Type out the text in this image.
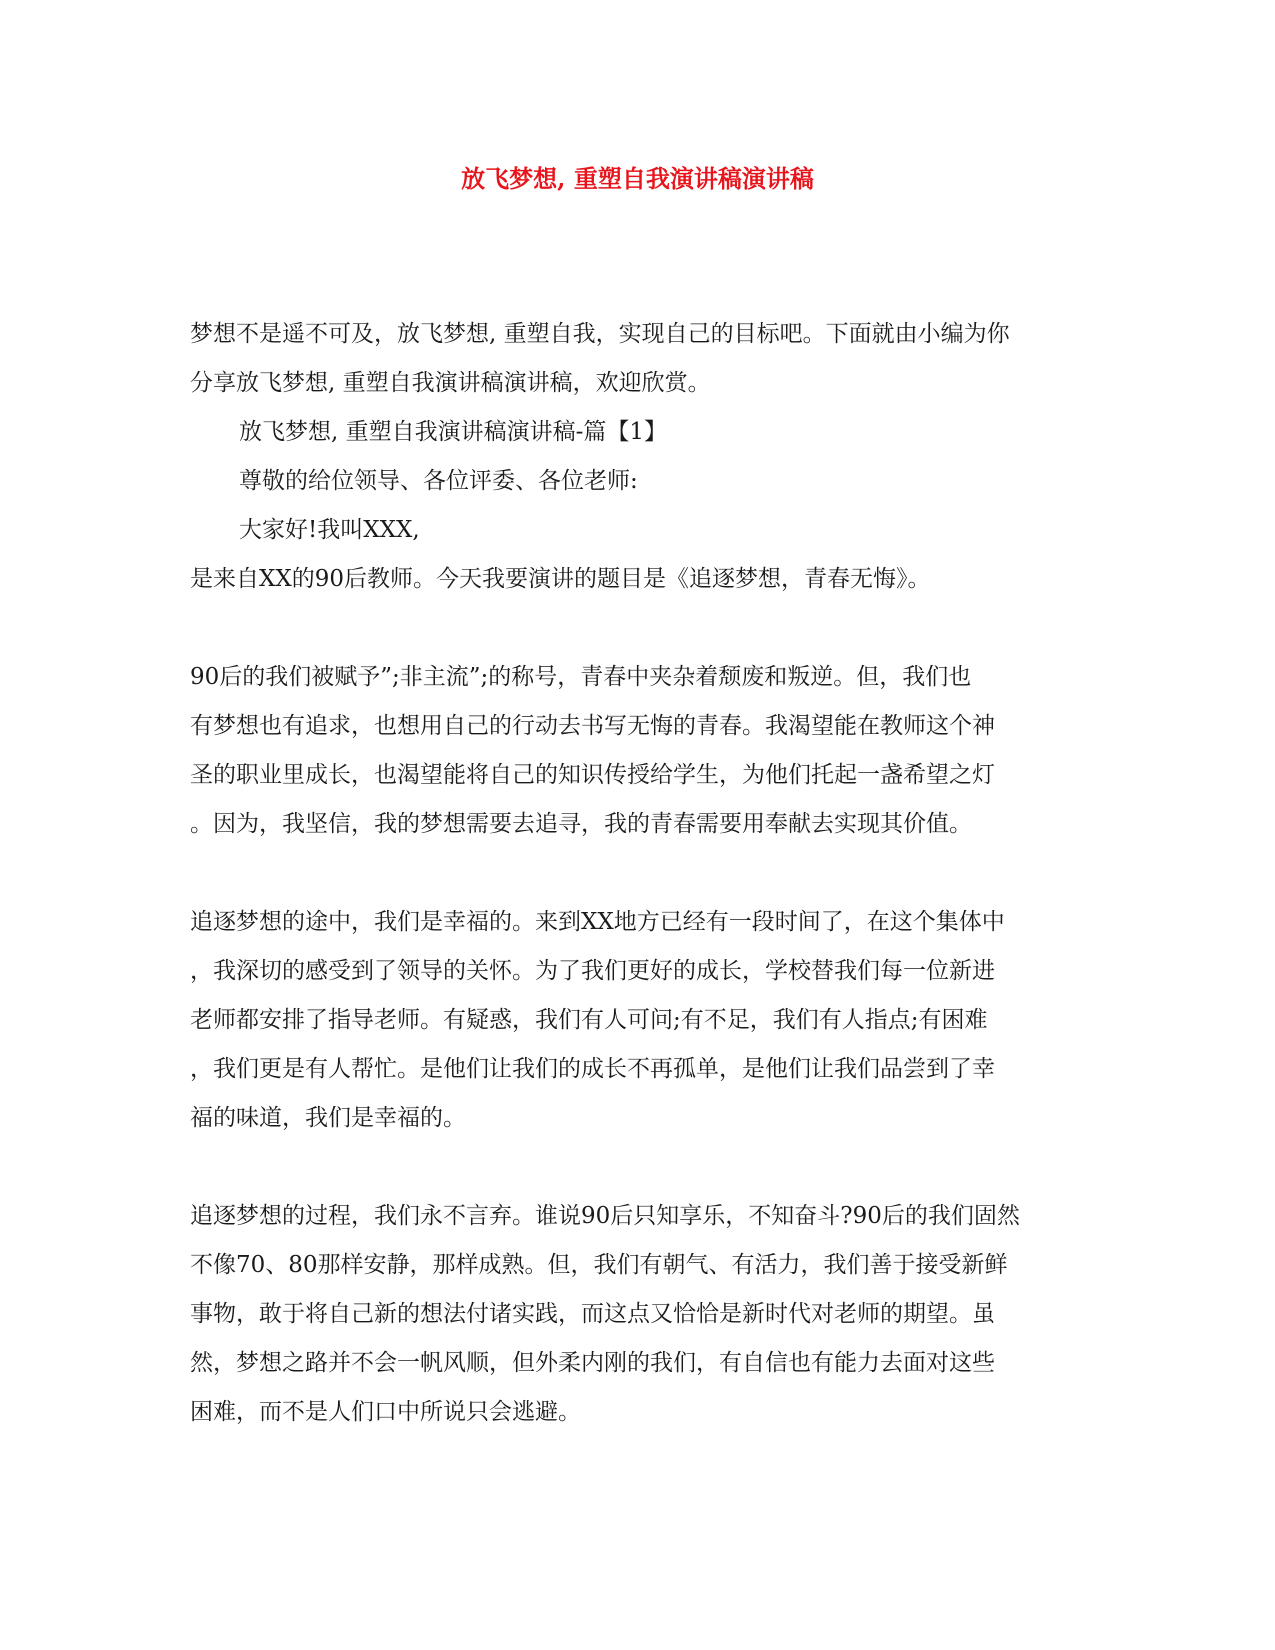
放飞梦想, 重塑自我演讲稿演讲稿
梦想不是遥不可及，放飞梦想, 重塑自我，实现自己的目标吧。下面就由小编为你
分享放飞梦想, 重塑自我演讲稿演讲稿，欢迎欣赏。
放飞梦想, 重塑自我演讲稿演讲稿-篇【1】
尊敬的给位领导、各位评委、各位老师:
大家好!我叫XXX,
是来自XX的90后教师。今天我要演讲的题目是《追逐梦想，青春无悔》。
90后的我们被赋予”;非主流”;的称号，青春中夹杂着颓废和叛逆。但，我们也
有梦想也有追求，也想用自己的行动去书写无悔的青春。我渴望能在教师这个神
圣的职业里成长，也渴望能将自己的知识传授给学生，为他们托起一盏希望之灯
。因为，我坚信，我的梦想需要去追寻，我的青春需要用奉献去实现其价值。
追逐梦想的途中，我们是幸福的。来到XX地方已经有一段时间了，在这个集体中
，我深切的感受到了领导的关怀。为了我们更好的成长，学校替我们每一位新进
老师都安排了指导老师。有疑惑，我们有人可问;有不足，我们有人指点;有困难
，我们更是有人帮忙。是他们让我们的成长不再孤单，是他们让我们品尝到了幸
福的味道，我们是幸福的。
追逐梦想的过程，我们永不言弃。谁说90后只知享乐，不知奋斗?90后的我们固然
不像70、80那样安静，那样成熟。但，我们有朝气、有活力，我们善于接受新鲜
事物，敢于将自己新的想法付诸实践，而这点又恰恰是新时代对老师的期望。虽
然，梦想之路并不会一帆风顺，但外柔内刚的我们，有自信也有能力去面对这些
困难，而不是人们口中所说只会逃避。
